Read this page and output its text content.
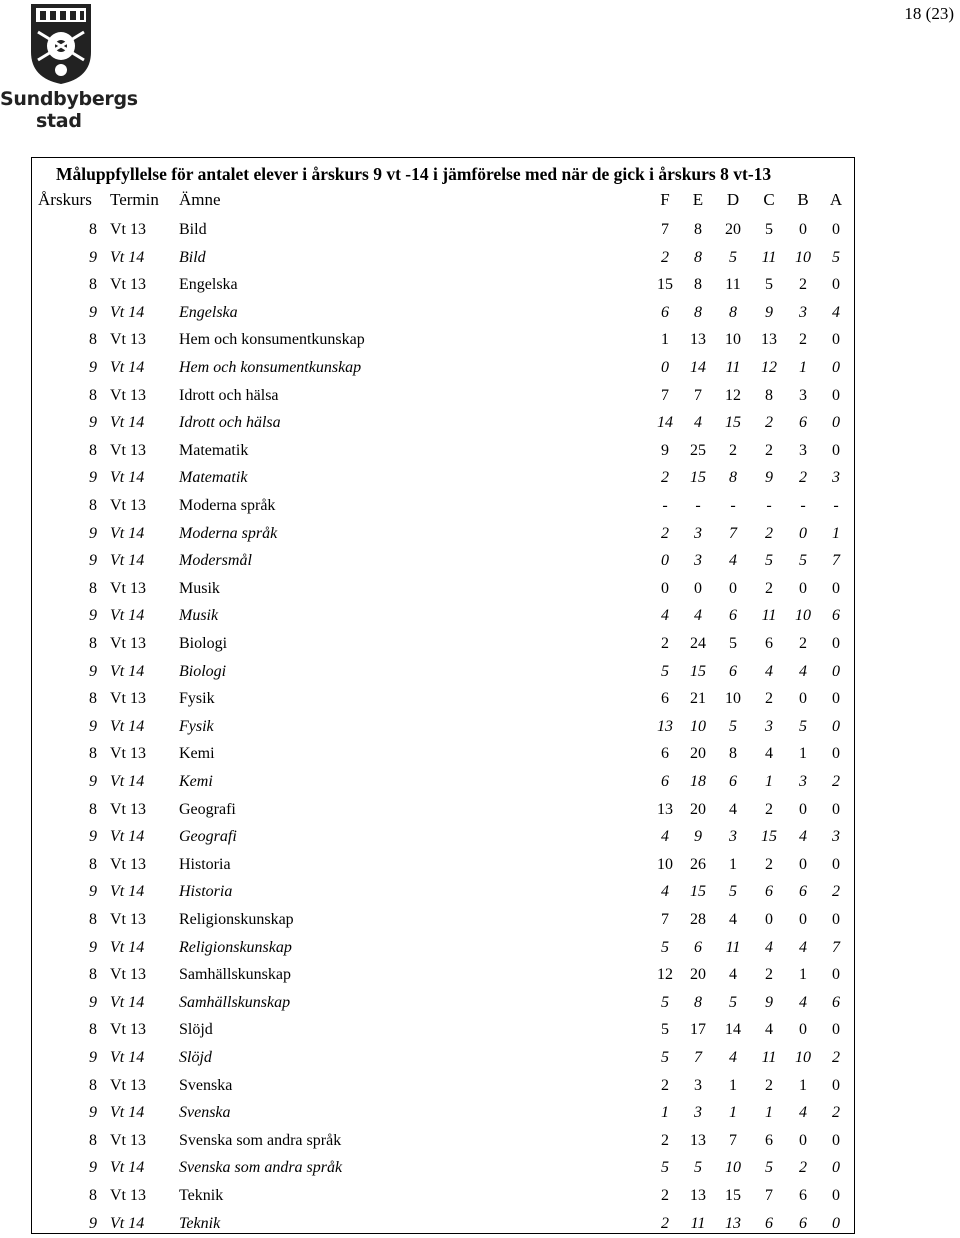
18 (23)
Sundbybergs
stad
Måluppfyllelse för antalet elever i årskurs 9 vt -14 i jämförelse med när de gick i årskurs 8 vt-13
Årskurs Termin Ämne	F	E	D	C	B	A
8 Vt 13 Bild	7	8	20	5	0	0
9 Vt 14 Bild	2	8	5	11	10	5
8 Vt 13 Engelska	15	8	11	5	2	0
9 Vt 14 Engelska	6	8	8	9	3	4
8 Vt 13 Hem och konsumentkunskap	1	13	10	13	2	0
9 Vt 14 Hem och konsumentkunskap	0	14	11	12	1	0
8 Vt 13 Idrott och hälsa	7	7	12	8	3	0
9 Vt 14 Idrott och hälsa	14	4	15	2	6	0
8 Vt 13 Matematik	9	25	2	2	3	0
9 Vt 14 Matematik	2	15	8	9	2	3
8 Vt 13 Moderna språk	-	-	-	-	-	-
9 Vt 14 Moderna språk	2	3	7	2	0	1
9 Vt 14 Modersmål	0	3	4	5	5	7
8 Vt 13 Musik	0	0	0	2	0	0
9 Vt 14 Musik	4	4	6	11	10	6
8 Vt 13 Biologi	2	24	5	6	2	0
9 Vt 14 Biologi	5	15	6	4	4	0
8 Vt 13 Fysik	6	21	10	2	0	0
9 Vt 14 Fysik	13	10	5	3	5	0
8 Vt 13 Kemi	6	20	8	4	1	0
9 Vt 14 Kemi	6	18	6	1	3	2
8 Vt 13 Geografi	13	20	4	2	0	0
9 Vt 14 Geografi	4	9	3	15	4	3
8 Vt 13 Historia	10	26	1	2	0	0
9 Vt 14 Historia	4	15	5	6	6	2
8 Vt 13 Religionskunskap	7	28	4	0	0	0
9 Vt 14 Religionskunskap	5	6	11	4	4	7
8 Vt 13 Samhällskunskap	12	20	4	2	1	0
9 Vt 14 Samhällskunskap	5	8	5	9	4	6
8 Vt 13 Slöjd	5	17	14	4	0	0
9 Vt 14 Slöjd	5	7	4	11	10	2
8 Vt 13 Svenska	2	3	1	2	1	0
9 Vt 14 Svenska	1	3	1	1	4	2
8 Vt 13 Svenska som andra språk	2	13	7	6	0	0
9 Vt 14 Svenska som andra språk	5	5	10	5	2	0
8 Vt 13 Teknik	2	13	15	7	6	0
9 Vt 14 Teknik	2	11	13	6	6	0
